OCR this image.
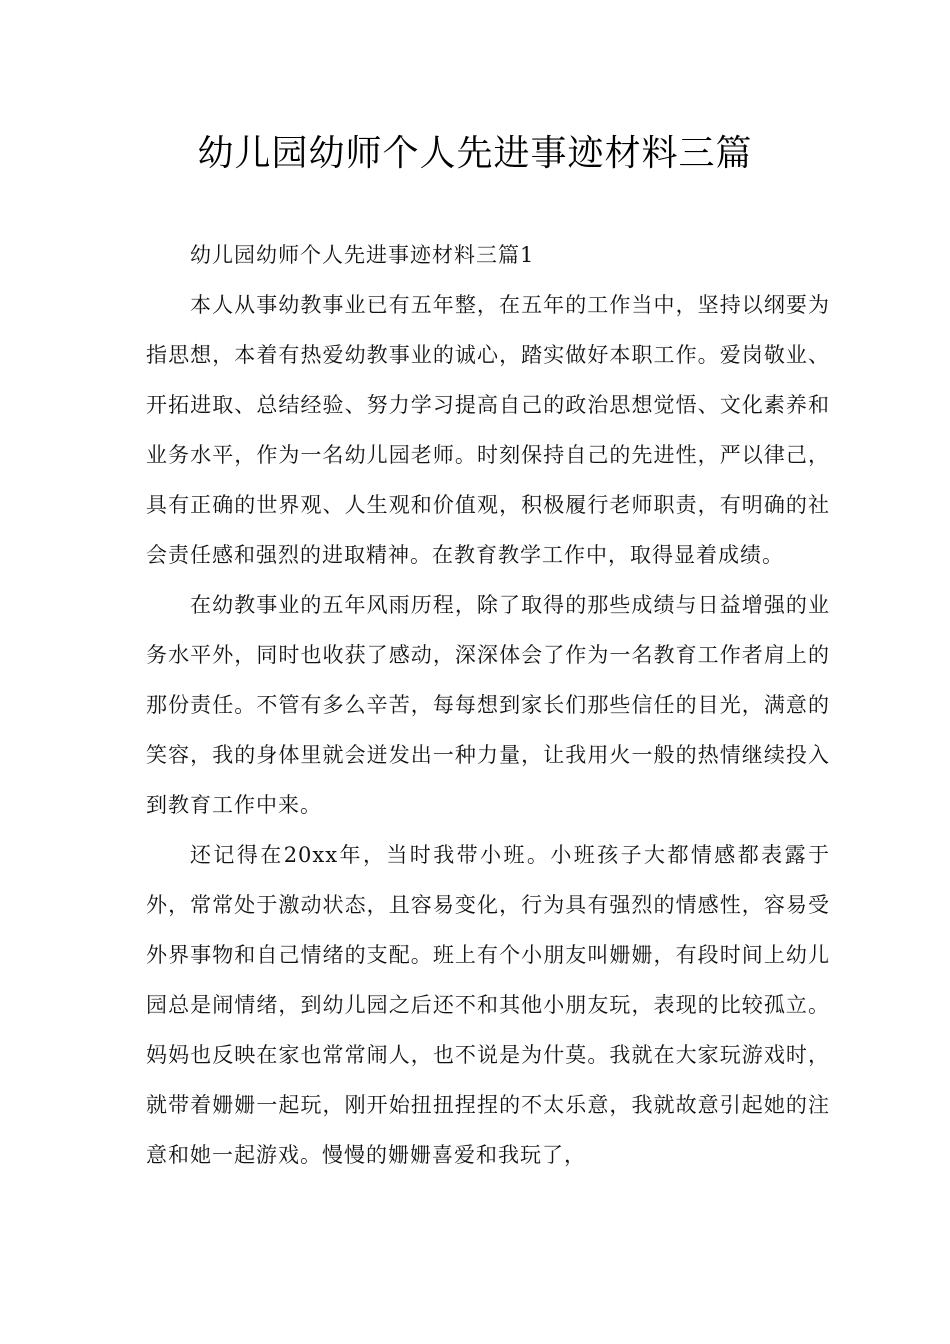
幼儿园幼师个人先进事迹材料三篇

幼儿园幼师个人先进事迹材料三篇1

本人从事幼教事业已有五年整，在五年的工作当中，坚持以纲要为指思想，本着有热爱幼教事业的诚心，踏实做好本职工作。爱岗敬业、开拓进取、总结经验、努力学习提高自己的政治思想觉悟、文化素养和业务水平，作为一名幼儿园老师。时刻保持自己的先进性，严以律己，具有正确的世界观、人生观和价值观，积极履行老师职责，有明确的社会责任感和强烈的进取精神。在教育教学工作中，取得显着成绩。

在幼教事业的五年风雨历程，除了取得的那些成绩与日益增强的业务水平外，同时也收获了感动，深深体会了作为一名教育工作者肩上的那份责任。不管有多么辛苦，每每想到家长们那些信任的目光，满意的笑容，我的身体里就会迸发出一种力量，让我用火一般的热情继续投入到教育工作中来。

还记得在20xx年，当时我带小班。小班孩子大都情感都表露于外，常常处于激动状态，且容易变化，行为具有强烈的情感性，容易受外界事物和自己情绪的支配。班上有个小朋友叫姗姗，有段时间上幼儿园总是闹情绪，到幼儿园之后还不和其他小朋友玩，表现的比较孤立。妈妈也反映在家也常常闹人，也不说是为什莫。我就在大家玩游戏时，就带着姗姗一起玩，刚开始扭扭捏捏的不太乐意，我就故意引起她的注意和她一起游戏。慢慢的姗姗喜爱和我玩了，
